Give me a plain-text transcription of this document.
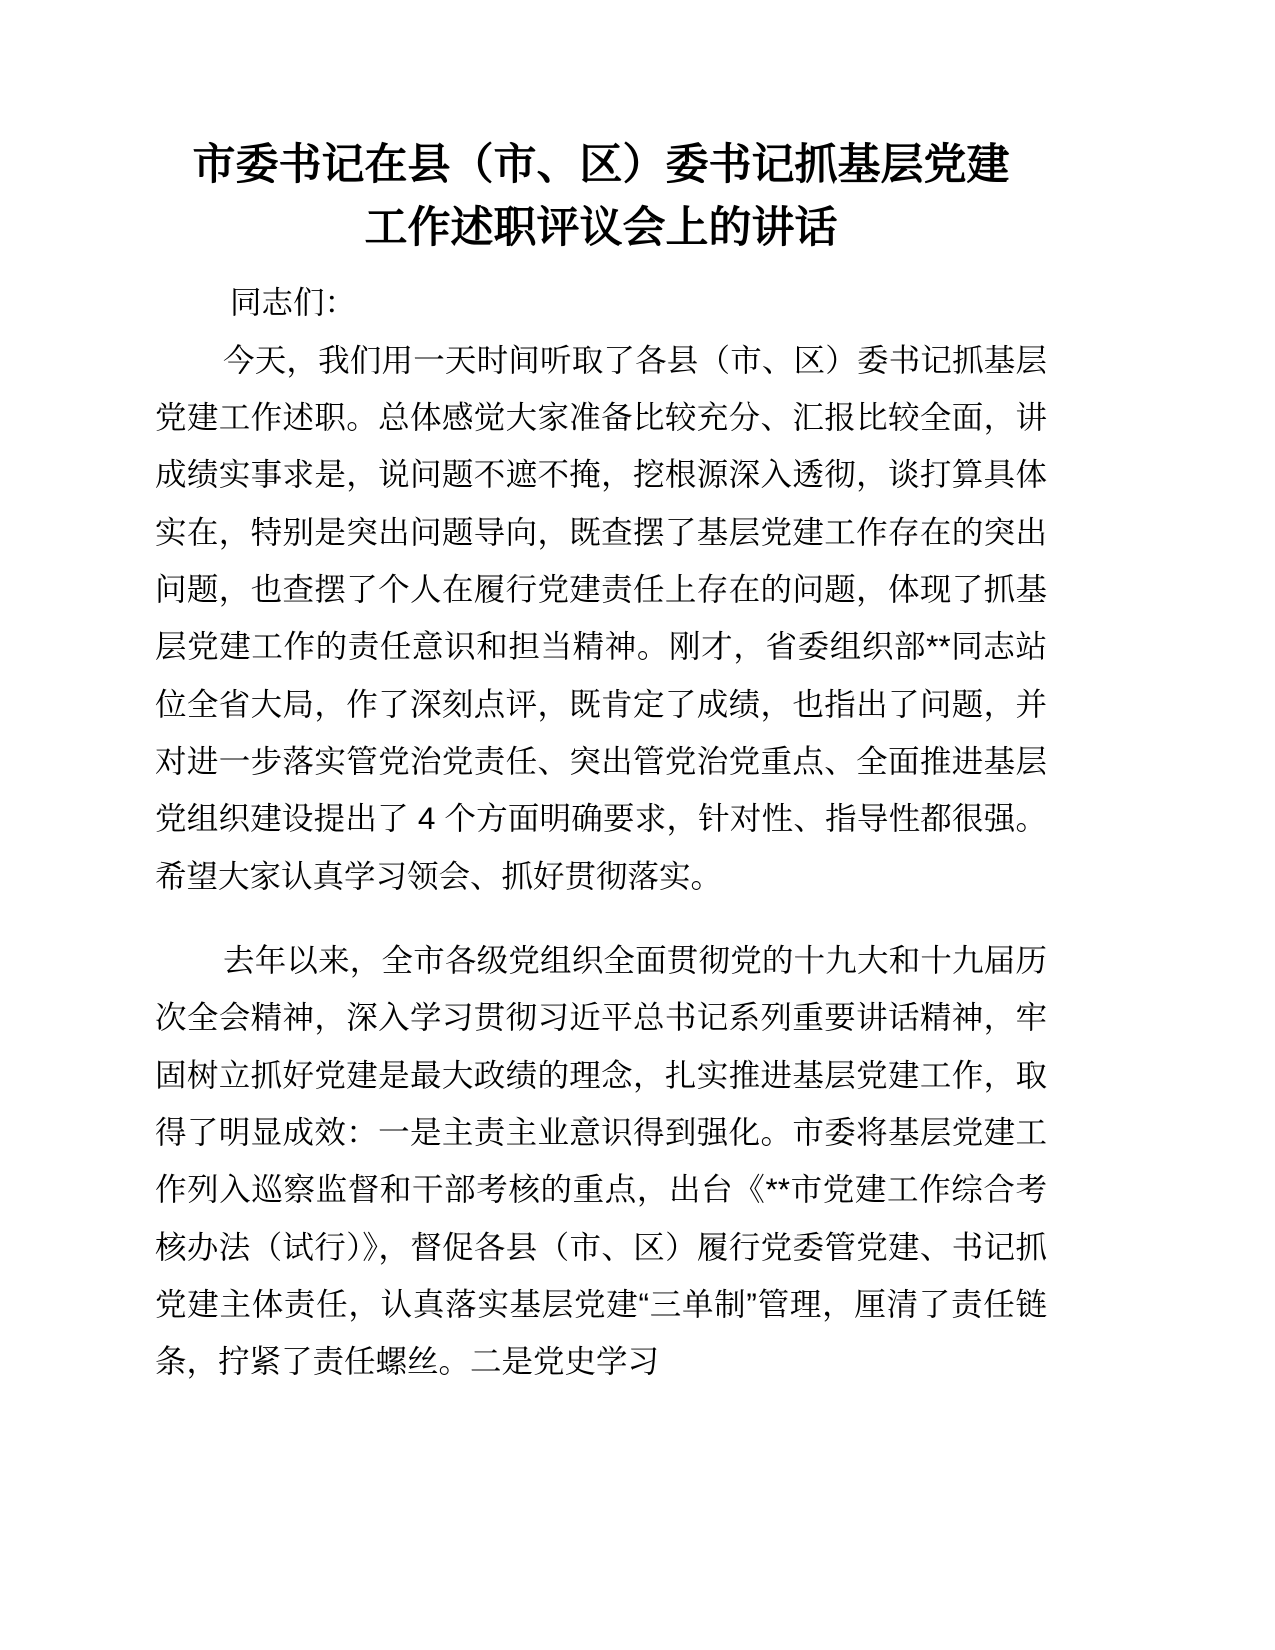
市委书记在县（市、区）委书记抓基层党建工作述职评议会上的讲话

同志们：

今天，我们用一天时间听取了各县（市、区）委书记抓基层党建工作述职。总体感觉大家准备比较充分、汇报比较全面，讲成绩实事求是，说问题不遮不掩，挖根源深入透彻，谈打算具体实在，特别是突出问题导向，既查摆了基层党建工作存在的突出问题，也查摆了个人在履行党建责任上存在的问题，体现了抓基层党建工作的责任意识和担当精神。刚才，省委组织部**同志站位全省大局，作了深刻点评，既肯定了成绩，也指出了问题，并对进一步落实管党治党责任、突出管党治党重点、全面推进基层党组织建设提出了 4 个方面明确要求，针对性、指导性都很强。希望大家认真学习领会、抓好贯彻落实。

去年以来，全市各级党组织全面贯彻党的十九大和十九届历次全会精神，深入学习贯彻习近平总书记系列重要讲话精神，牢固树立抓好党建是最大政绩的理念，扎实推进基层党建工作，取得了明显成效：一是主责主业意识得到强化。市委将基层党建工作列入巡察监督和干部考核的重点，出台《**市党建工作综合考核办法（试行）》，督促各县（市、区）履行党委管党建、书记抓党建主体责任，认真落实基层党建“三单制”管理，厘清了责任链条，拧紧了责任螺丝。二是党史学习
